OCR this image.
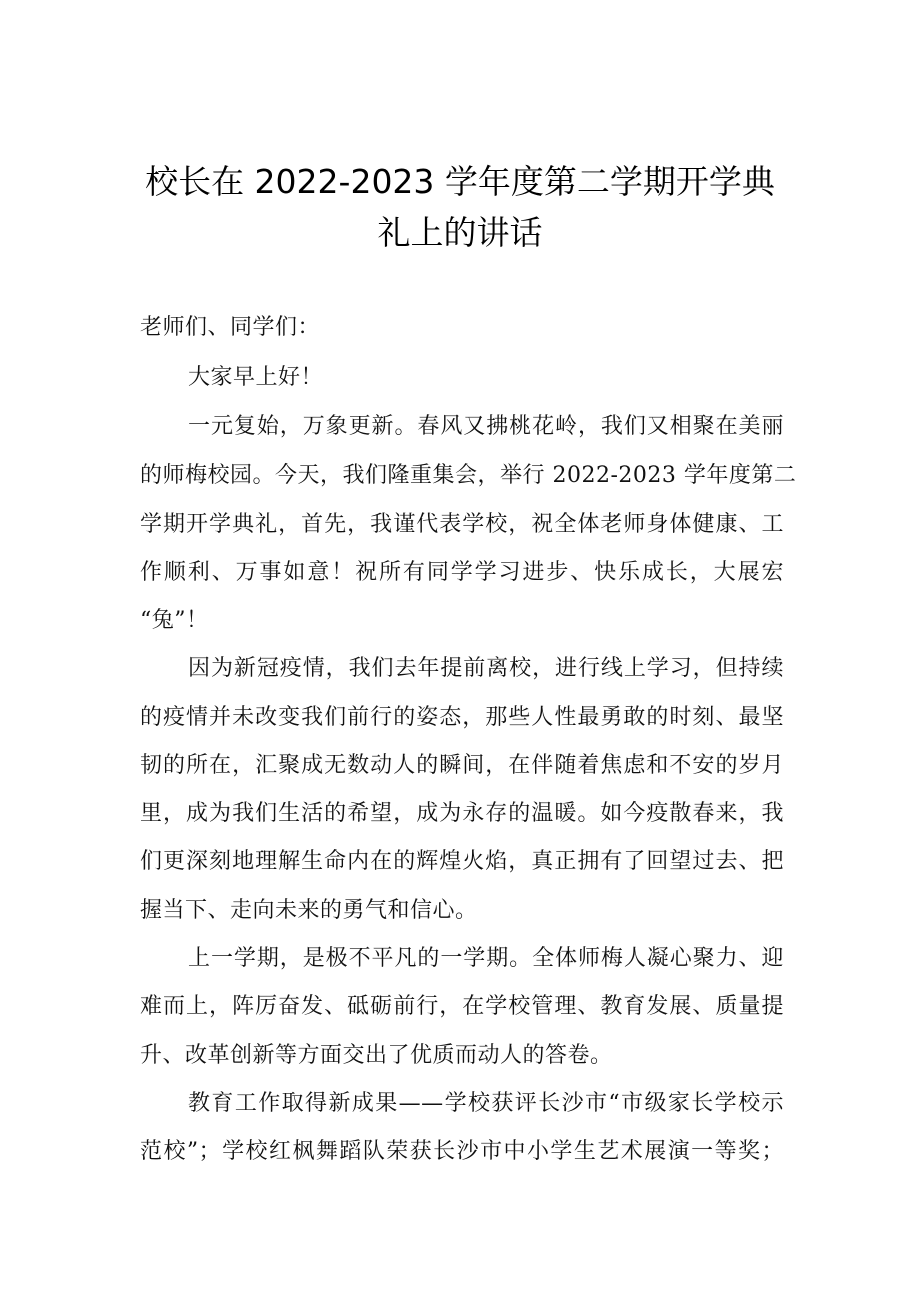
校长在 2022-2023 学年度第二学期开学典
礼上的讲话
老师们、同学们：
大家早上好！
一元复始，万象更新。春风又拂桃花岭，我们又相聚在美丽
的师梅校园。今天，我们隆重集会，举行 2022-2023 学年度第二
学期开学典礼，首先，我谨代表学校，祝全体老师身体健康、工
作顺利、万事如意！祝所有同学学习进步、快乐成长，大展宏
“兔”！
因为新冠疫情，我们去年提前离校，进行线上学习，但持续
的疫情并未改变我们前行的姿态，那些人性最勇敢的时刻、最坚
韧的所在，汇聚成无数动人的瞬间，在伴随着焦虑和不安的岁月
里，成为我们生活的希望，成为永存的温暖。如今疫散春来，我
们更深刻地理解生命内在的辉煌火焰，真正拥有了回望过去、把
握当下、走向未来的勇气和信心。
上一学期，是极不平凡的一学期。全体师梅人凝心聚力、迎
难而上，阵厉奋发、砥砺前行，在学校管理、教育发展、质量提
升、改革创新等方面交出了优质而动人的答卷。
教育工作取得新成果——学校获评长沙市“市级家长学校示
范校”；学校红枫舞蹈队荣获长沙市中小学生艺术展演一等奖；
